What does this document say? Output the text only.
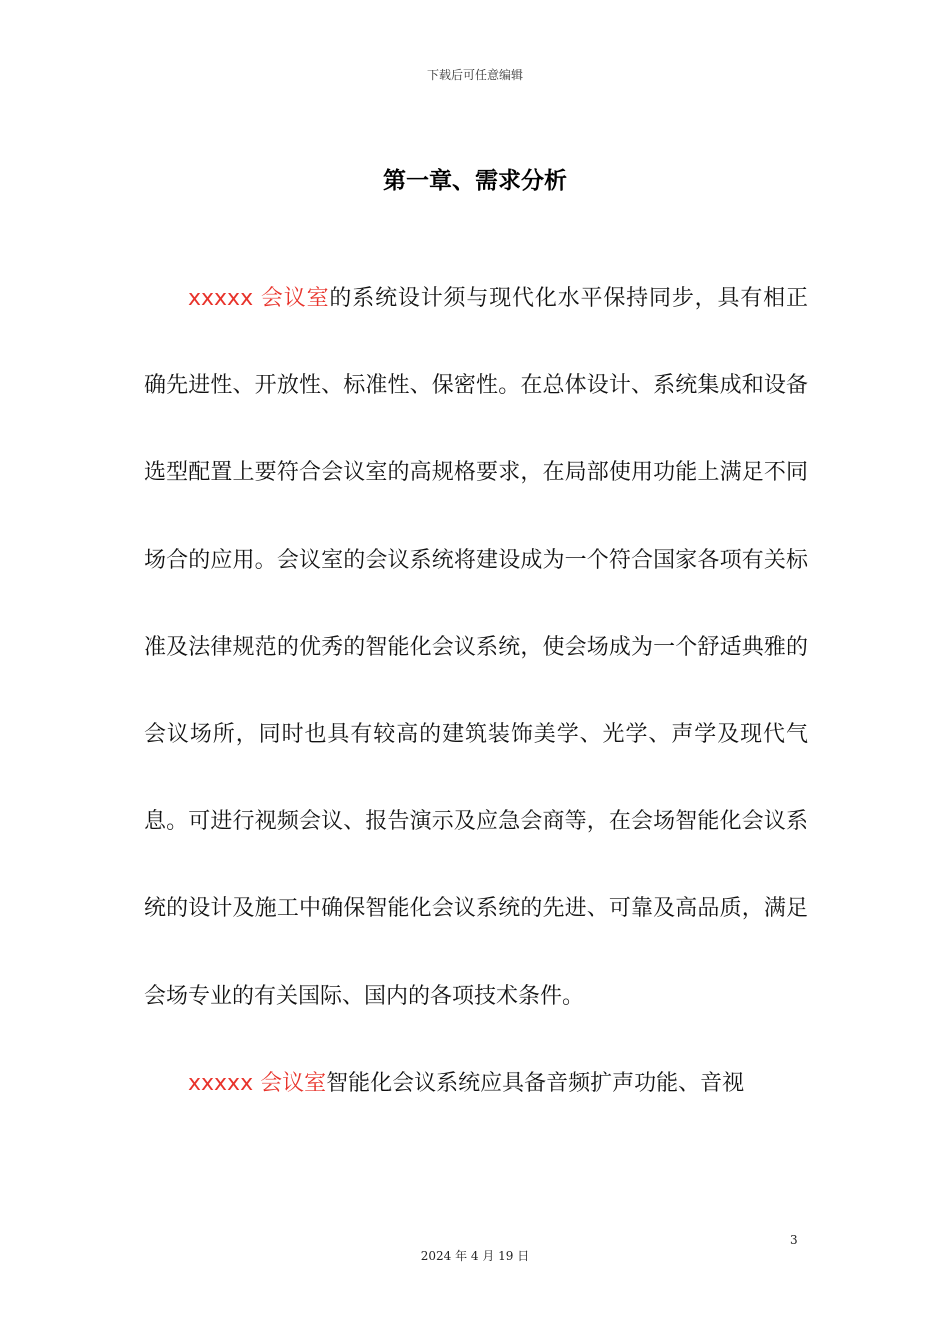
下载后可任意编辑
第一章、需求分析

xxxxx 会议室的系统设计须与现代化水平保持同步，具有相正确先进性、开放性、标准性、保密性。在总体设计、系统集成和设备选型配置上要符合会议室的高规格要求，在局部使用功能上满足不同场合的应用。会议室的会议系统将建设成为一个符合国家各项有关标准及法律规范的优秀的智能化会议系统，使会场成为一个舒适典雅的会议场所，同时也具有较高的建筑装饰美学、光学、声学及现代气息。可进行视频会议、报告演示及应急会商等，在会场智能化会议系统的设计及施工中确保智能化会议系统的先进、可靠及高品质，满足会场专业的有关国际、国内的各项技术条件。

xxxxx 会议室智能化会议系统应具备音频扩声功能、音视

3
2024 年 4 月 19 日
